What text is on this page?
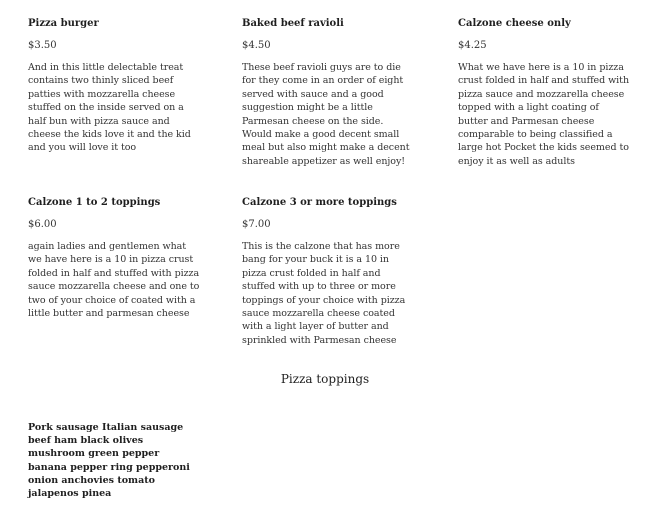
Pizza burger
$3.50
And in this little delectable treat contains two thinly sliced beef patties with mozzarella cheese stuffed on the inside served on a half bun with pizza sauce and cheese the kids love it and the kid and you will love it too
Baked beef ravioli
$4.50
These beef ravioli guys are to die for they come in an order of eight served with sauce and a good suggestion might be a little Parmesan cheese on the side. Would make a good decent small meal but also might make a decent shareable appetizer as well enjoy!
Calzone cheese only
$4.25
What we have here is a 10 in pizza crust folded in half and stuffed with pizza sauce and mozzarella cheese topped with a light coating of butter and Parmesan cheese comparable to being classified a large hot Pocket the kids seemed to enjoy it as well as adults
Calzone 1 to 2 toppings
$6.00
again ladies and gentlemen what we have here is a 10 in pizza crust folded in half and stuffed with pizza sauce mozzarella cheese and one to two of your choice of coated with a little butter and parmesan cheese
Calzone 3 or more toppings
$7.00
This is the calzone that has more bang for your buck it is a 10 in pizza crust folded in half and stuffed with up to three or more toppings of your choice with pizza sauce mozzarella cheese coated with a light layer of butter and sprinkled with Parmesan cheese
Pizza toppings
Pork sausage Italian sausage beef ham black olives mushroom green pepper banana pepper ring pepperoni onion anchovies tomato jalapenos pinea
